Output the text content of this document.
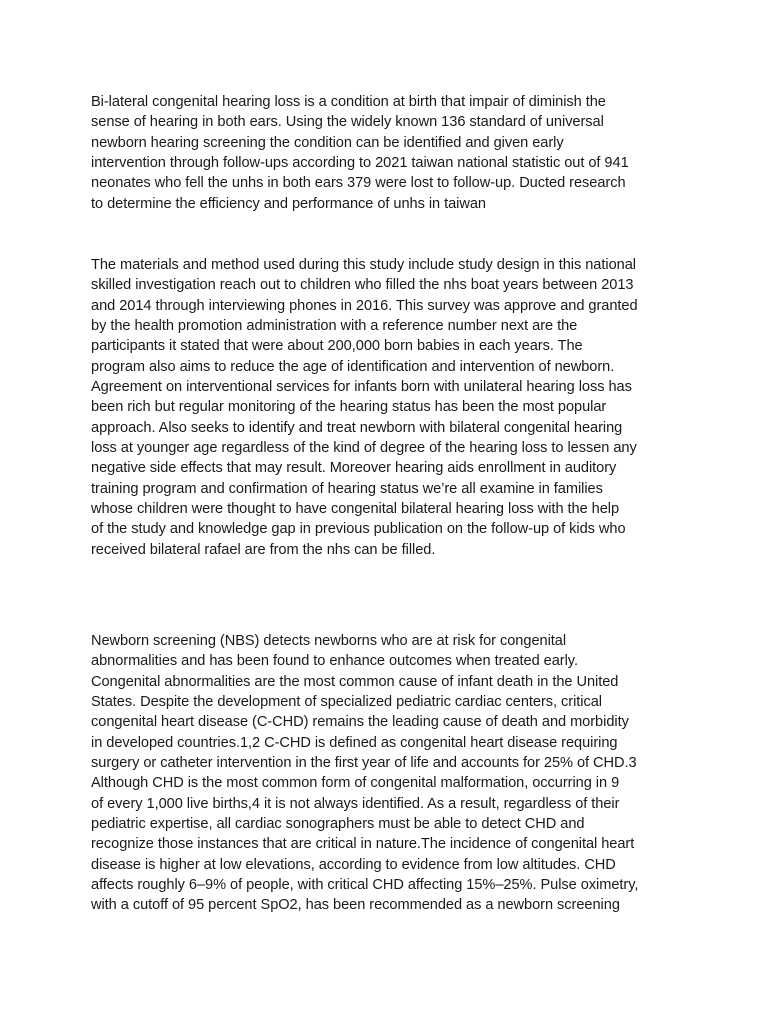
Bi-lateral congenital hearing loss is a condition at birth that impair of diminish the
sense of hearing in both ears. Using the widely known 136 standard of universal
newborn hearing screening the condition can be identified and given early
intervention through follow-ups according to 2021 taiwan national statistic out of 941
neonates who fell the unhs in both ears 379 were lost to follow-up. Ducted research
to determine the efficiency and performance of unhs in taiwan
The materials and method used during this study include study design in this national
skilled investigation reach out to children who filled the nhs boat years between 2013
and 2014 through interviewing phones in 2016. This survey was approve and granted
by the health promotion administration with a reference number next are the
participants it stated that were about 200,000 born babies in each years. The
program also aims to reduce the age of identification and intervention of newborn.
Agreement on interventional services for infants born with unilateral hearing loss has
been rich but regular monitoring of the hearing status has been the most popular
approach. Also seeks to identify and treat newborn with bilateral congenital hearing
loss at younger age regardless of the kind of degree of the hearing loss to lessen any
negative side effects that may result. Moreover hearing aids enrollment in auditory
training program and confirmation of hearing status we’re all examine in families
whose children were thought to have congenital bilateral hearing loss with the help
of the study and knowledge gap in previous publication on the follow-up of kids who
received bilateral rafael are from the nhs can be filled.
Newborn screening (NBS) detects newborns who are at risk for congenital
abnormalities and has been found to enhance outcomes when treated early.
Congenital abnormalities are the most common cause of infant death in the United
States. Despite the development of specialized pediatric cardiac centers, critical
congenital heart disease (C-CHD) remains the leading cause of death and morbidity
in developed countries.1,2 C-CHD is defined as congenital heart disease requiring
surgery or catheter intervention in the first year of life and accounts for 25% of CHD.3
Although CHD is the most common form of congenital malformation, occurring in 9
of every 1,000 live births,4 it is not always identified. As a result, regardless of their
pediatric expertise, all cardiac sonographers must be able to detect CHD and
recognize those instances that are critical in nature.The incidence of congenital heart
disease is higher at low elevations, according to evidence from low altitudes. CHD
affects roughly 6–9% of people, with critical CHD affecting 15%–25%. Pulse oximetry,
with a cutoff of 95 percent SpO2, has been recommended as a newborn screening
